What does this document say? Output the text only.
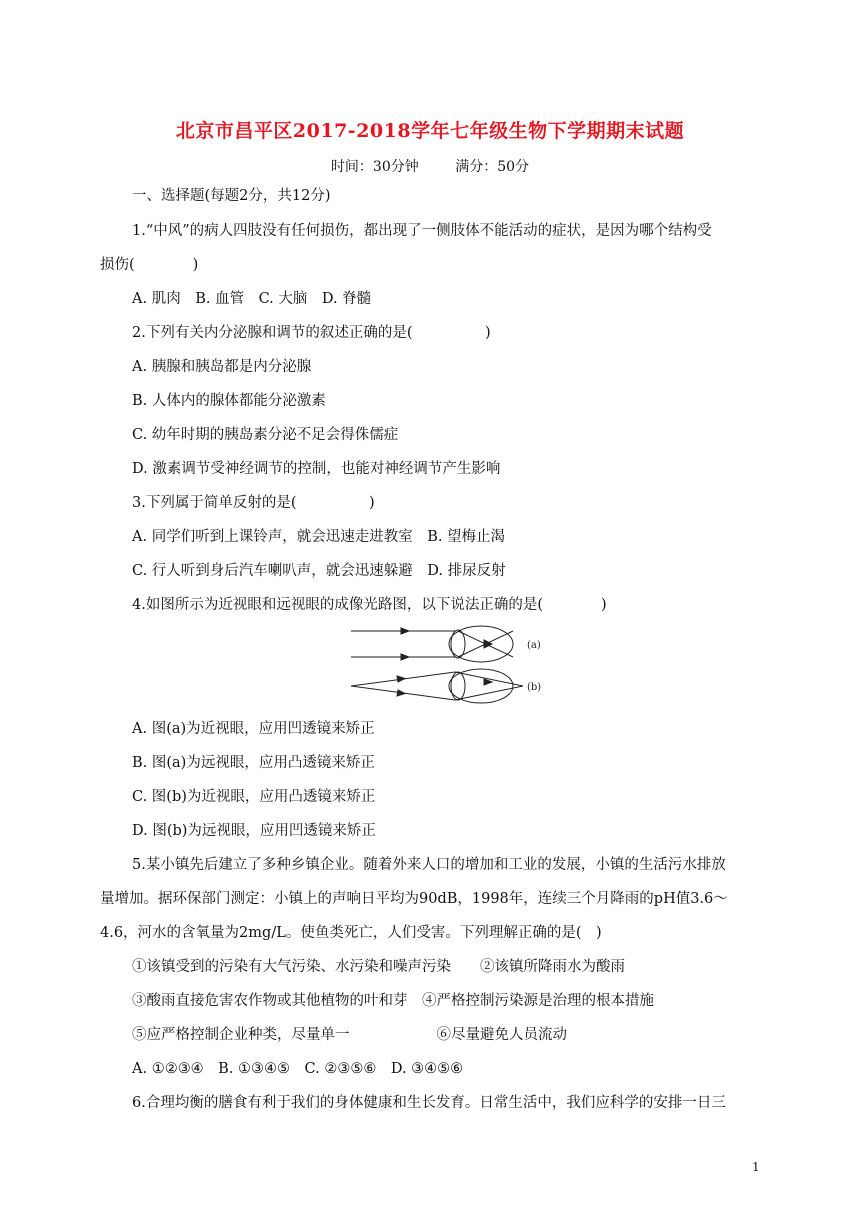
北京市昌平区2017-2018学年七年级生物下学期期末试题
时间：30分钟	满分：50分
一、选择题(每题2分，共12分)
1.“中风”的病人四肢没有任何损伤，都出现了一侧肢体不能活动的症状，是因为哪个结构受
损伤(　　　　)
A. 肌肉　B. 血管　C. 大脑　D. 脊髓
2.下列有关内分泌腺和调节的叙述正确的是(　　　　　)
A. 胰腺和胰岛都是内分泌腺
B. 人体内的腺体都能分泌激素
C. 幼年时期的胰岛素分泌不足会得侏儒症
D. 激素调节受神经调节的控制，也能对神经调节产生影响
3.下列属于简单反射的是(　　　　　)
A. 同学们听到上课铃声，就会迅速走进教室　B. 望梅止渴
C. 行人听到身后汽车喇叭声，就会迅速躲避　D. 排尿反射
4.如图所示为近视眼和远视眼的成像光路图，以下说法正确的是(　　　　)
(a)
(b)
A. 图(a)为近视眼，应用凹透镜来矫正
B. 图(a)为远视眼，应用凸透镜来矫正
C. 图(b)为近视眼，应用凸透镜来矫正
D. 图(b)为远视眼，应用凹透镜来矫正
5.某小镇先后建立了多种乡镇企业。随着外来人口的增加和工业的发展，小镇的生活污水排放
量增加。据环保部门测定：小镇上的声响日平均为90dB，1998年，连续三个月降雨的pH值3.6～
4.6，河水的含氧量为2mg/L。使鱼类死亡，人们受害。下列理解正确的是(　)
①该镇受到的污染有大气污染、水污染和噪声污染　　②该镇所降雨水为酸雨
③酸雨直接危害农作物或其他植物的叶和芽　④严格控制污染源是治理的根本措施
⑤应严格控制企业种类，尽量单一　　　　　　⑥尽量避免人员流动
A. ①②③④　B. ①③④⑤　C. ②③⑤⑥　D. ③④⑤⑥
6.合理均衡的膳食有利于我们的身体健康和生长发育。日常生活中，我们应科学的安排一日三
1
